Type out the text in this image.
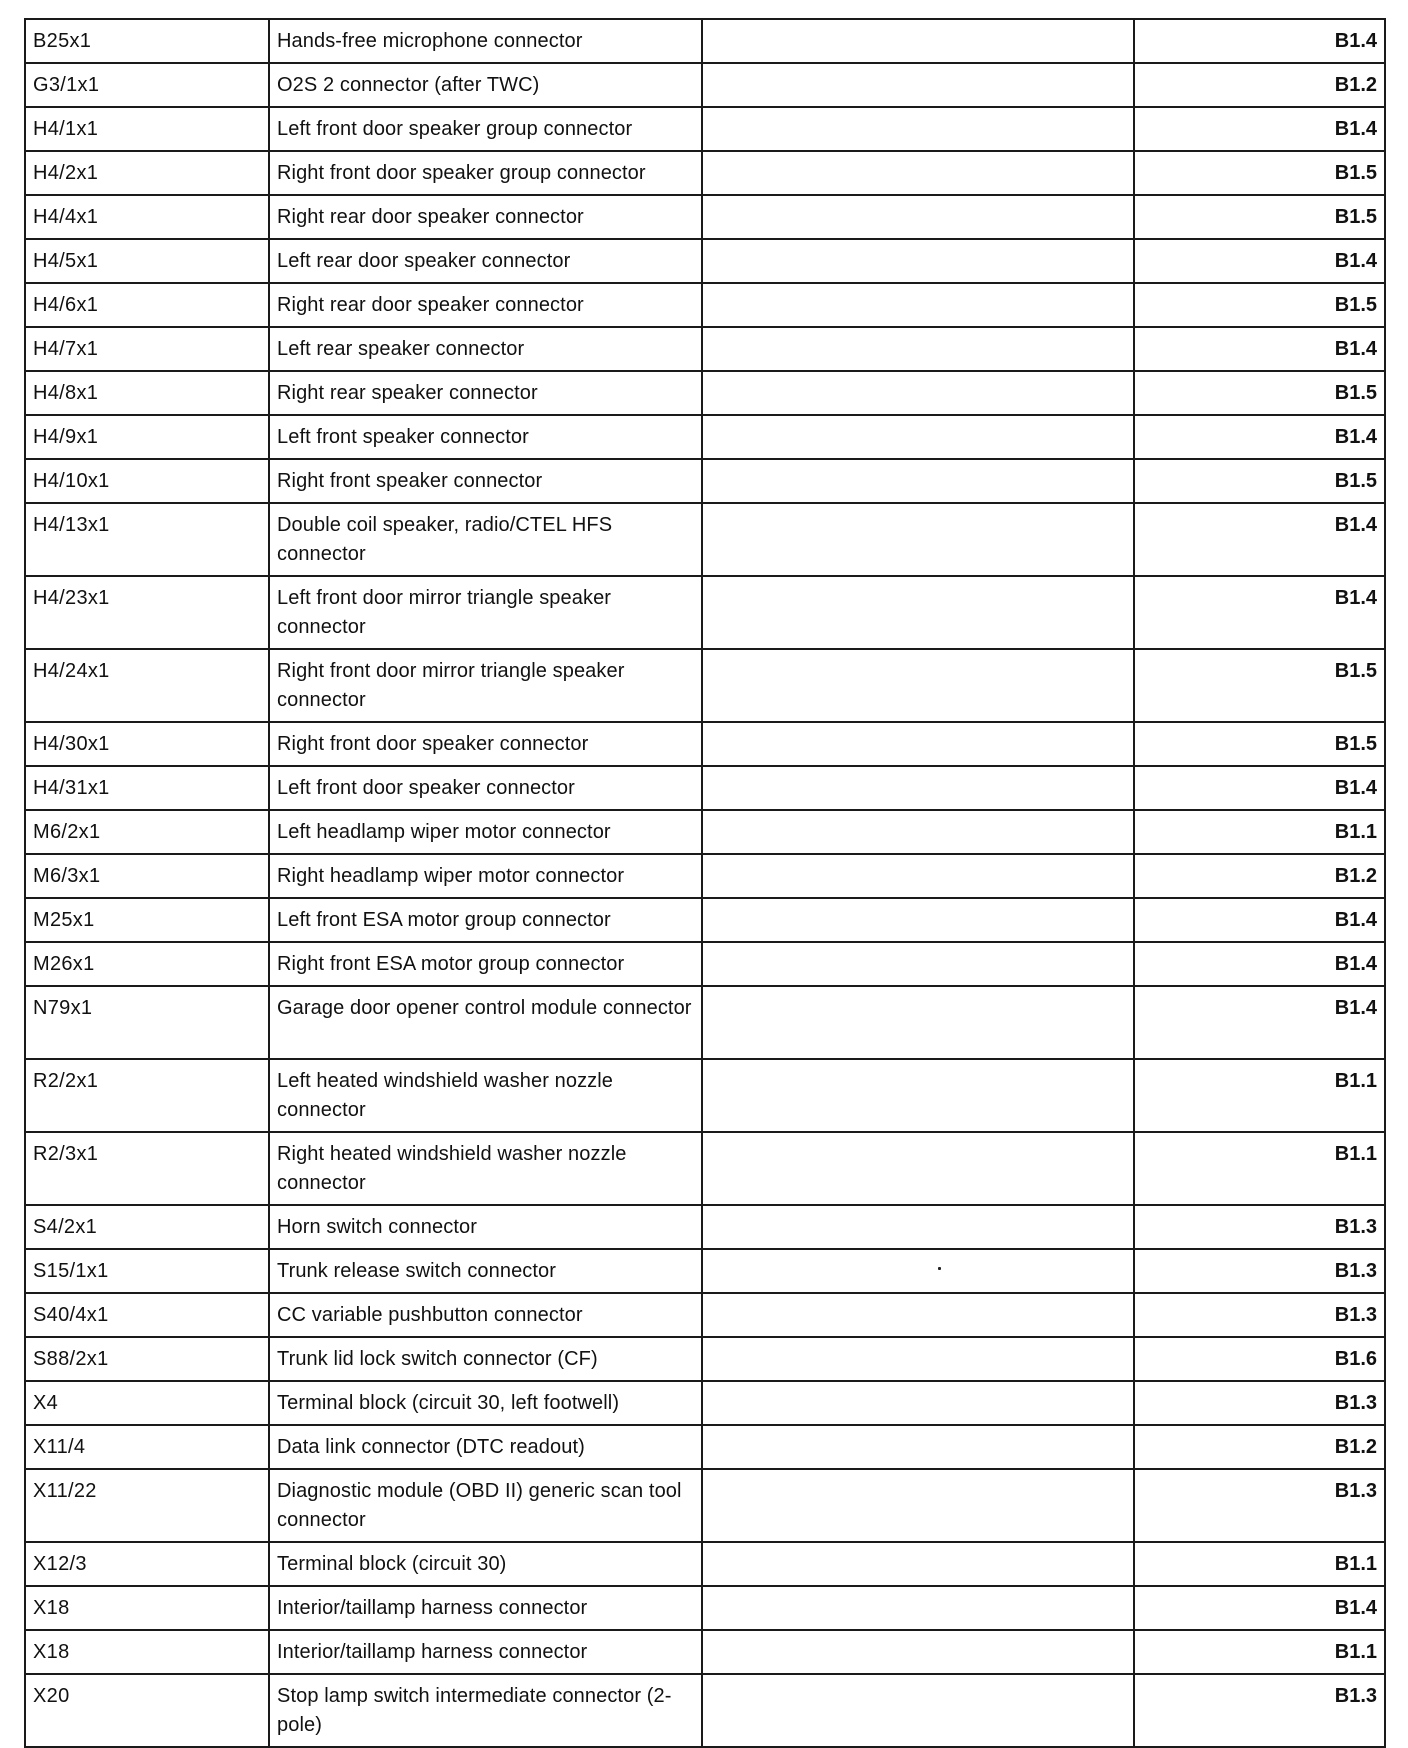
B25x1	Hands-free microphone connector		B1.4
G3/1x1	O2S 2 connector (after TWC)		B1.2
H4/1x1	Left front door speaker group connector		B1.4
H4/2x1	Right front door speaker group connector		B1.5
H4/4x1	Right rear door speaker connector		B1.5
H4/5x1	Left rear door speaker connector		B1.4
H4/6x1	Right rear door speaker connector		B1.5
H4/7x1	Left rear speaker connector		B1.4
H4/8x1	Right rear speaker connector		B1.5
H4/9x1	Left front speaker connector		B1.4
H4/10x1	Right front speaker connector		B1.5
H4/13x1	Double coil speaker, radio/CTEL HFS connector		B1.4
H4/23x1	Left front door mirror triangle speaker connector		B1.4
H4/24x1	Right front door mirror triangle speaker connector		B1.5
H4/30x1	Right front door speaker connector		B1.5
H4/31x1	Left front door speaker connector		B1.4
M6/2x1	Left headlamp wiper motor connector		B1.1
M6/3x1	Right headlamp wiper motor connector		B1.2
M25x1	Left front ESA motor group connector		B1.4
M26x1	Right front ESA motor group connector		B1.4
N79x1	Garage door opener control module connector		B1.4
R2/2x1	Left heated windshield washer nozzle connector		B1.1
R2/3x1	Right heated windshield washer nozzle connector		B1.1
S4/2x1	Horn switch connector		B1.3
S15/1x1	Trunk release switch connector		B1.3
S40/4x1	CC variable pushbutton connector		B1.3
S88/2x1	Trunk lid lock switch connector (CF)		B1.6
X4	Terminal block (circuit 30, left footwell)		B1.3
X11/4	Data link connector (DTC readout)		B1.2
X11/22	Diagnostic module (OBD II) generic scan tool connector		B1.3
X12/3	Terminal block (circuit 30)		B1.1
X18	Interior/taillamp harness connector		B1.4
X18	Interior/taillamp harness connector		B1.1
X20	Stop lamp switch intermediate connector (2-pole)		B1.3
